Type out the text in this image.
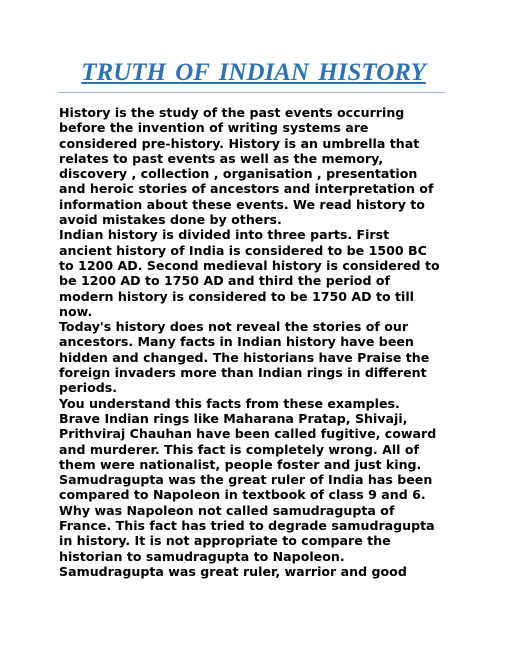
TRUTH OF INDIAN HISTORY
History is the study of the past events occurring
before the invention of writing systems are
considered pre-history. History is an umbrella that
relates to past events as well as the memory,
discovery , collection , organisation , presentation
and heroic stories of ancestors and interpretation of
information about these events. We read history to
avoid mistakes done by others.
Indian history is divided into three parts. First
ancient history of India is considered to be 1500 BC
to 1200 AD. Second medieval history is considered to
be 1200 AD to 1750 AD and third the period of
modern history is considered to be 1750 AD to till
now.
Today's history does not reveal the stories of our
ancestors. Many facts in Indian history have been
hidden and changed. The historians have Praise the
foreign invaders more than Indian rings in different
periods.
You understand this facts from these examples.
Brave Indian rings like Maharana Pratap, Shivaji,
Prithviraj Chauhan have been called fugitive, coward
and murderer. This fact is completely wrong. All of
them were nationalist, people foster and just king.
Samudragupta was the great ruler of India has been
compared to Napoleon in textbook of class 9 and 6.
Why was Napoleon not called samudragupta of
France. This fact has tried to degrade samudragupta
in history. It is not appropriate to compare the
historian to samudragupta to Napoleon.
Samudragupta was great ruler, warrior and good
